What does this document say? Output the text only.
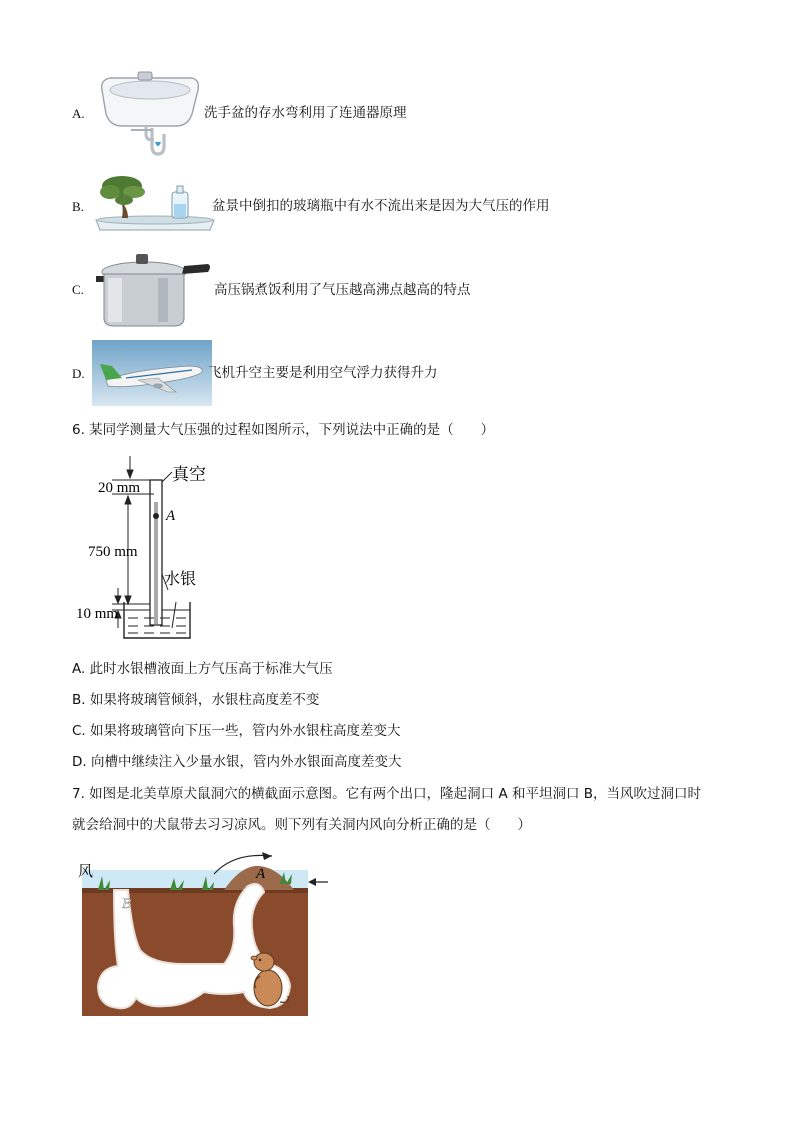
A.	洗手盆的存水弯利用了连通器原理
B.	盆景中倒扣的玻璃瓶中有水不流出来是因为大气压的作用
C.	高压锅煮饭利用了气压越高沸点越高的特点
D.	飞机升空主要是利用空气浮力获得升力
6. 某同学测量大气压强的过程如图所示，下列说法中正确的是（　　）
20 mm
750 mm
10 mm
真空
A
水银
A. 此时水银槽液面上方气压高于标准大气压
B. 如果将玻璃管倾斜，水银柱高度差不变
C. 如果将玻璃管向下压一些，管内外水银柱高度差变大
D. 向槽中继续注入少量水银，管内外水银面高度差变大
7. 如图是北美草原犬鼠洞穴的横截面示意图。它有两个出口，隆起洞口 A 和平坦洞口 B，当风吹过洞口时
就会给洞中的犬鼠带去习习凉风。则下列有关洞内风向分析正确的是（　　）
风	A
B
